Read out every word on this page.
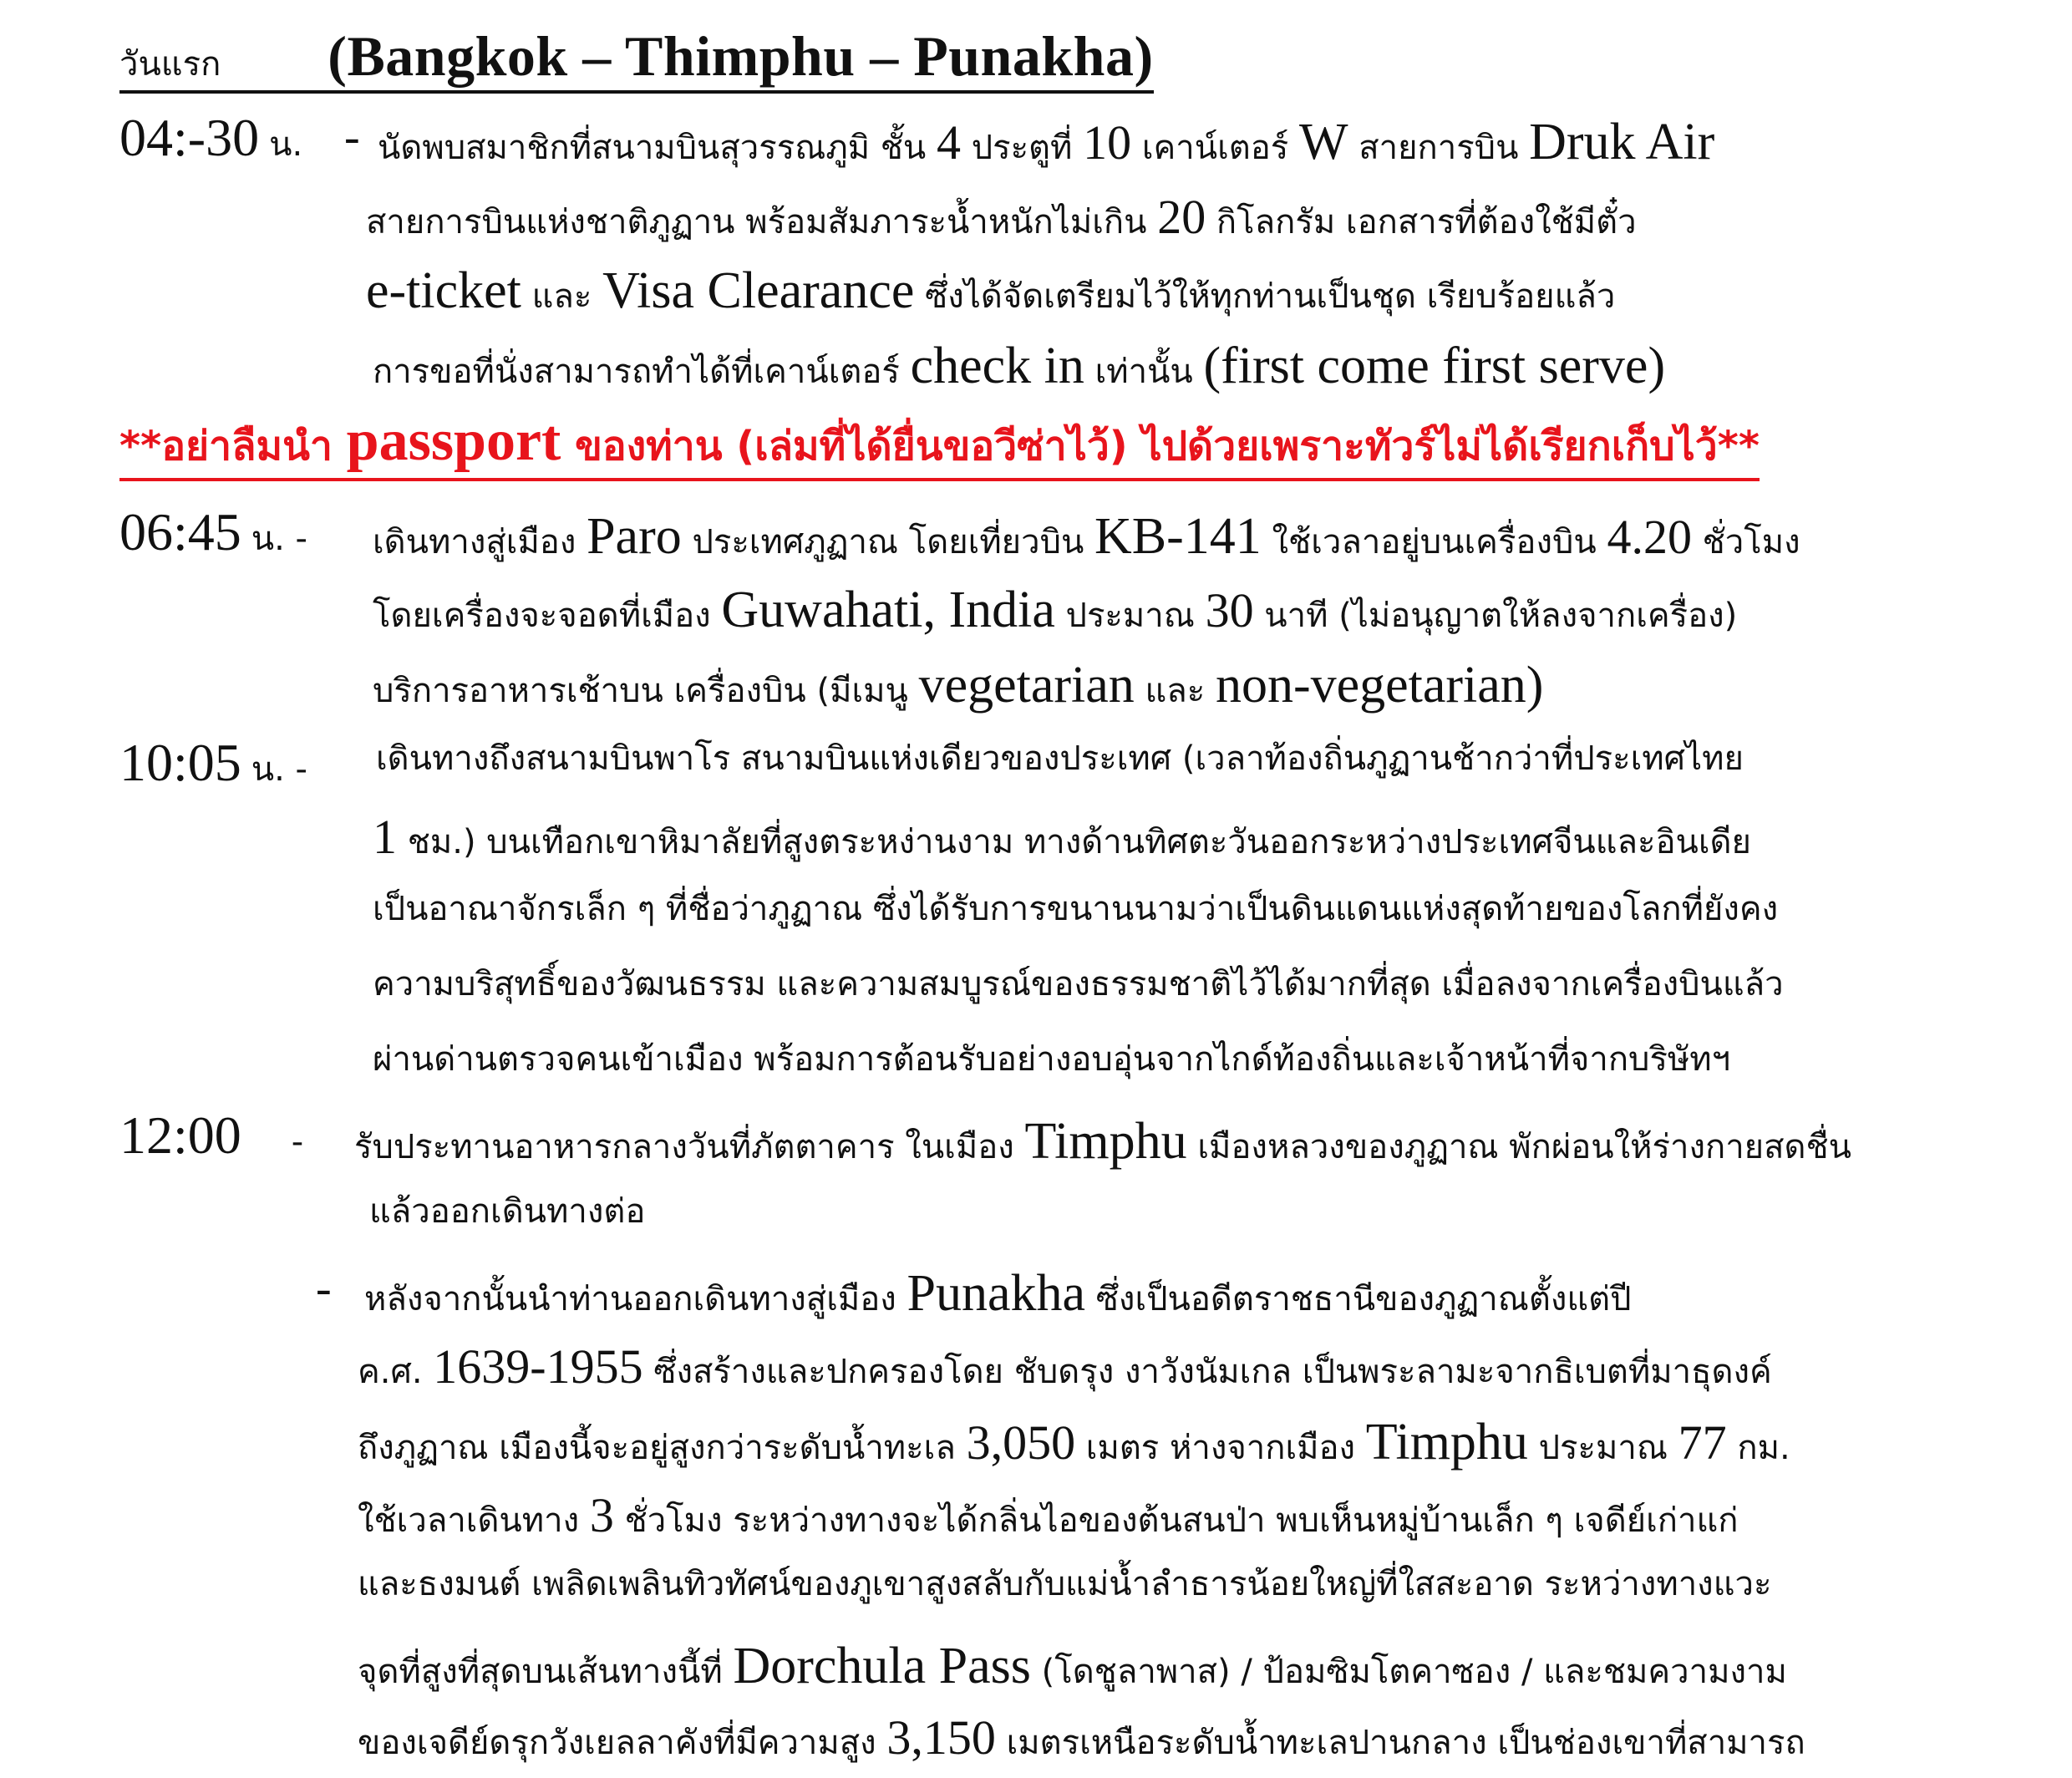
วันแรก (Bangkok – Thimphu – Punakha)
04:-30 น. - นัดพบสมาชิกที่สนามบินสุวรรณภูมิ ชั้น 4 ประตูที่ 10 เคาน์เตอร์ W สายการบิน Druk Air
สายการบินแห่งชาติภูฏาน พร้อมสัมภาระน้ำหนักไม่เกิน 20 กิโลกรัม เอกสารที่ต้องใช้มีตั๋ว
e-ticket และ Visa Clearance ซึ่งได้จัดเตรียมไว้ให้ทุกท่านเป็นชุด เรียบร้อยแล้ว
การขอที่นั่งสามารถทำได้ที่เคาน์เตอร์ check in เท่านั้น (first come first serve)
**อย่าลืมนำ passport ของท่าน (เล่มที่ได้ยื่นขอวีซ่าไว้) ไปด้วยเพราะทัวร์ไม่ได้เรียกเก็บไว้**
06:45 น. - เดินทางสู่เมือง Paro ประเทศภูฏาณ โดยเที่ยวบิน KB-141 ใช้เวลาอยู่บนเครื่องบิน 4.20 ชั่วโมง
โดยเครื่องจะจอดที่เมือง Guwahati, India ประมาณ 30 นาที (ไม่อนุญาตให้ลงจากเครื่อง)
บริการอาหารเช้าบน เครื่องบิน (มีเมนู vegetarian และ non-vegetarian)
10:05 น. - เดินทางถึงสนามบินพาโร สนามบินแห่งเดียวของประเทศ (เวลาท้องถิ่นภูฏานช้ากว่าที่ประเทศไทย
1 ชม.) บนเทือกเขาหิมาลัยที่สูงตระหง่านงาม ทางด้านทิศตะวันออกระหว่างประเทศจีนและอินเดีย
เป็นอาณาจักรเล็ก ๆ ที่ชื่อว่าภูฏาณ ซึ่งได้รับการขนานนามว่าเป็นดินแดนแห่งสุดท้ายของโลกที่ยังคง
ความบริสุทธิ์ของวัฒนธรรม และความสมบูรณ์ของธรรมชาติไว้ได้มากที่สุด เมื่อลงจากเครื่องบินแล้ว
ผ่านด่านตรวจคนเข้าเมือง พร้อมการต้อนรับอย่างอบอุ่นจากไกด์ท้องถิ่นและเจ้าหน้าที่จากบริษัทฯ
12:00 - รับประทานอาหารกลางวันที่ภัตตาคาร ในเมือง Timphu เมืองหลวงของภูฏาณ พักผ่อนให้ร่างกายสดชื่น
แล้วออกเดินทางต่อ
- หลังจากนั้นนำท่านออกเดินทางสู่เมือง Punakha ซึ่งเป็นอดีตราชธานีของภูฏาณตั้งแต่ปี
ค.ศ. 1639-1955 ซึ่งสร้างและปกครองโดย ชับดรุง งาวังนัมเกล เป็นพระลามะจากธิเบตที่มาธุดงค์
ถึงภูฏาณ เมืองนี้จะอยู่สูงกว่าระดับน้ำทะเล 3,050 เมตร ห่างจากเมือง Timphu ประมาณ 77 กม.
ใช้เวลาเดินทาง 3 ชั่วโมง ระหว่างทางจะได้กลิ่นไอของต้นสนป่า พบเห็นหมู่บ้านเล็ก ๆ เจดีย์เก่าแก่
และธงมนต์ เพลิดเพลินทิวทัศน์ของภูเขาสูงสลับกับแม่น้ำลำธารน้อยใหญ่ที่ใสสะอาด ระหว่างทางแวะ
จุดที่สูงที่สุดบนเส้นทางนี้ที่ Dorchula Pass (โดชูลาพาส) / ป้อมซิมโตคาซอง / และชมความงาม
ของเจดีย์ดรุกวังเยลลาคังที่มีความสูง 3,150 เมตรเหนือระดับน้ำทะเลปานกลาง เป็นช่องเขาที่สามารถ
